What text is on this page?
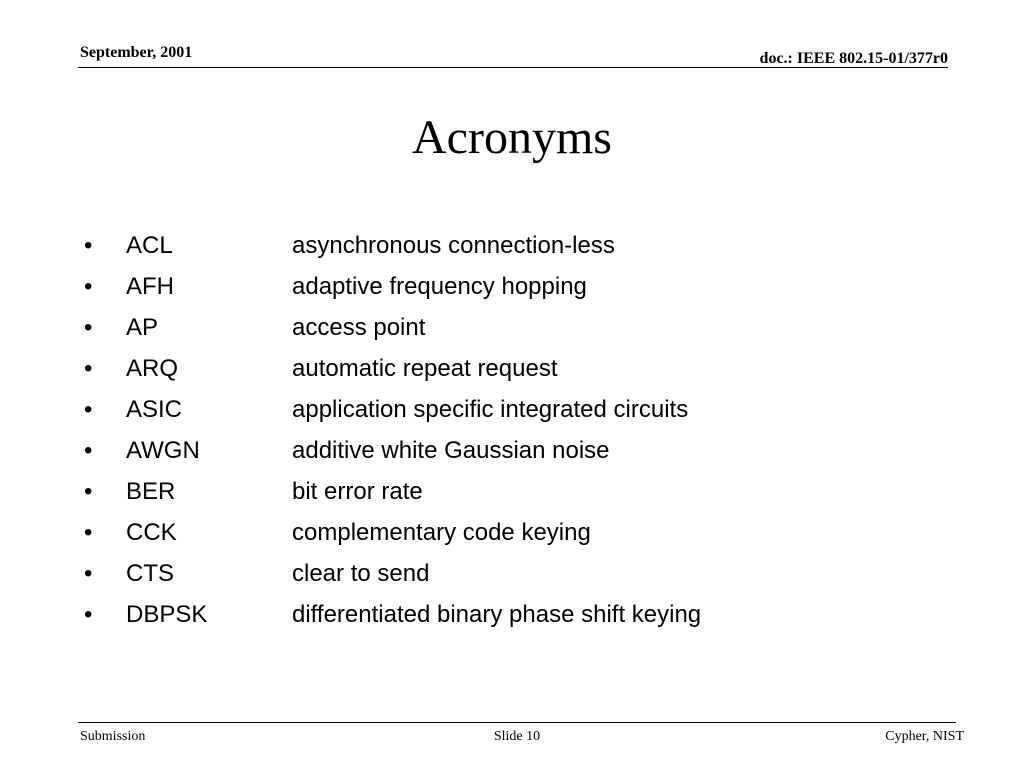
September, 2001	doc.: IEEE 802.15-01/377r0
Acronyms
•	ACL	asynchronous connection-less
•	AFH	adaptive frequency hopping
•	AP	access point
•	ARQ	automatic repeat request
•	ASIC	application specific integrated circuits
•	AWGN	additive white Gaussian noise
•	BER	bit error rate
•	CCK	complementary code keying
•	CTS	clear to send
•	DBPSK	differentiated binary phase shift keying
Submission	Slide 10	Cypher, NIST
